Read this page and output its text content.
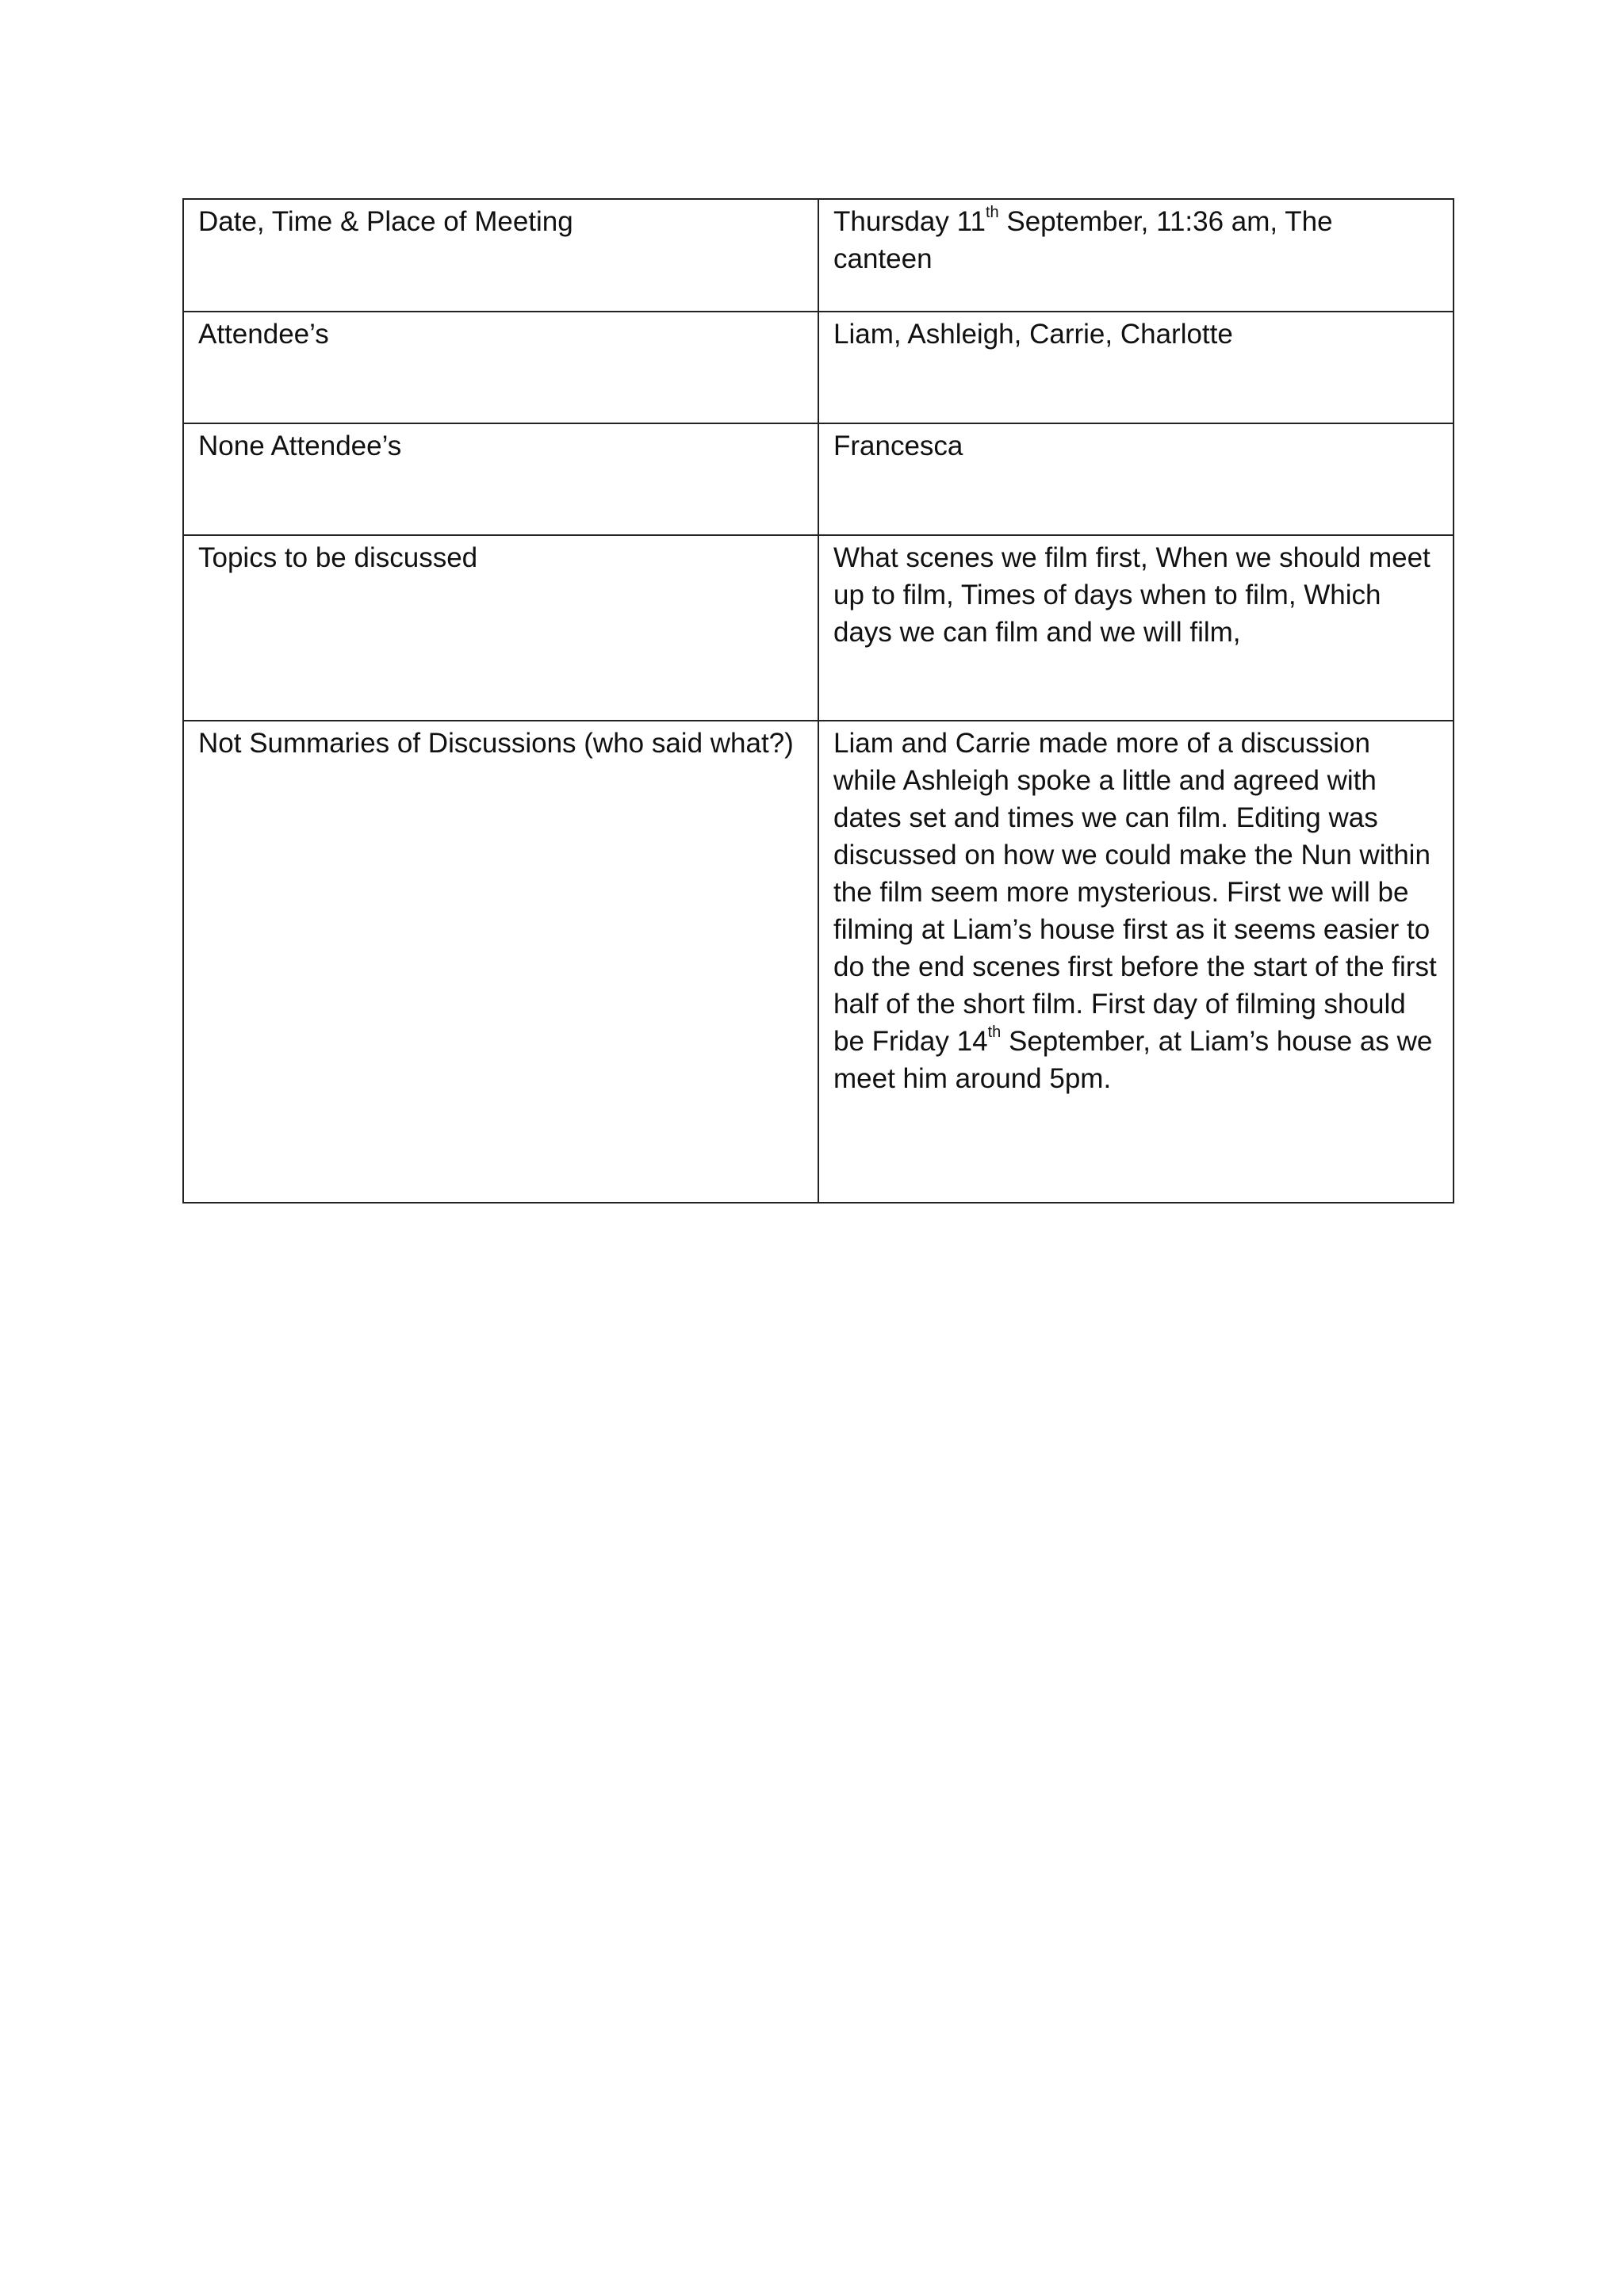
Date, Time & Place of Meeting	Thursday 11th September, 11:36 am, The canteen
Attendee’s	Liam, Ashleigh, Carrie, Charlotte
None Attendee’s	Francesca
Topics to be discussed	What scenes we film first, When we should meet up to film, Times of days when to film, Which days we can film and we will film,
Not Summaries of Discussions (who said what?)	Liam and Carrie made more of a discussion while Ashleigh spoke a little and agreed with dates set and times we can film. Editing was discussed on how we could make the Nun within the film seem more mysterious. First we will be filming at Liam’s house first as it seems easier to do the end scenes first before the start of the first half of the short film. First day of filming should be Friday 14th September, at Liam’s house as we meet him around 5pm.
